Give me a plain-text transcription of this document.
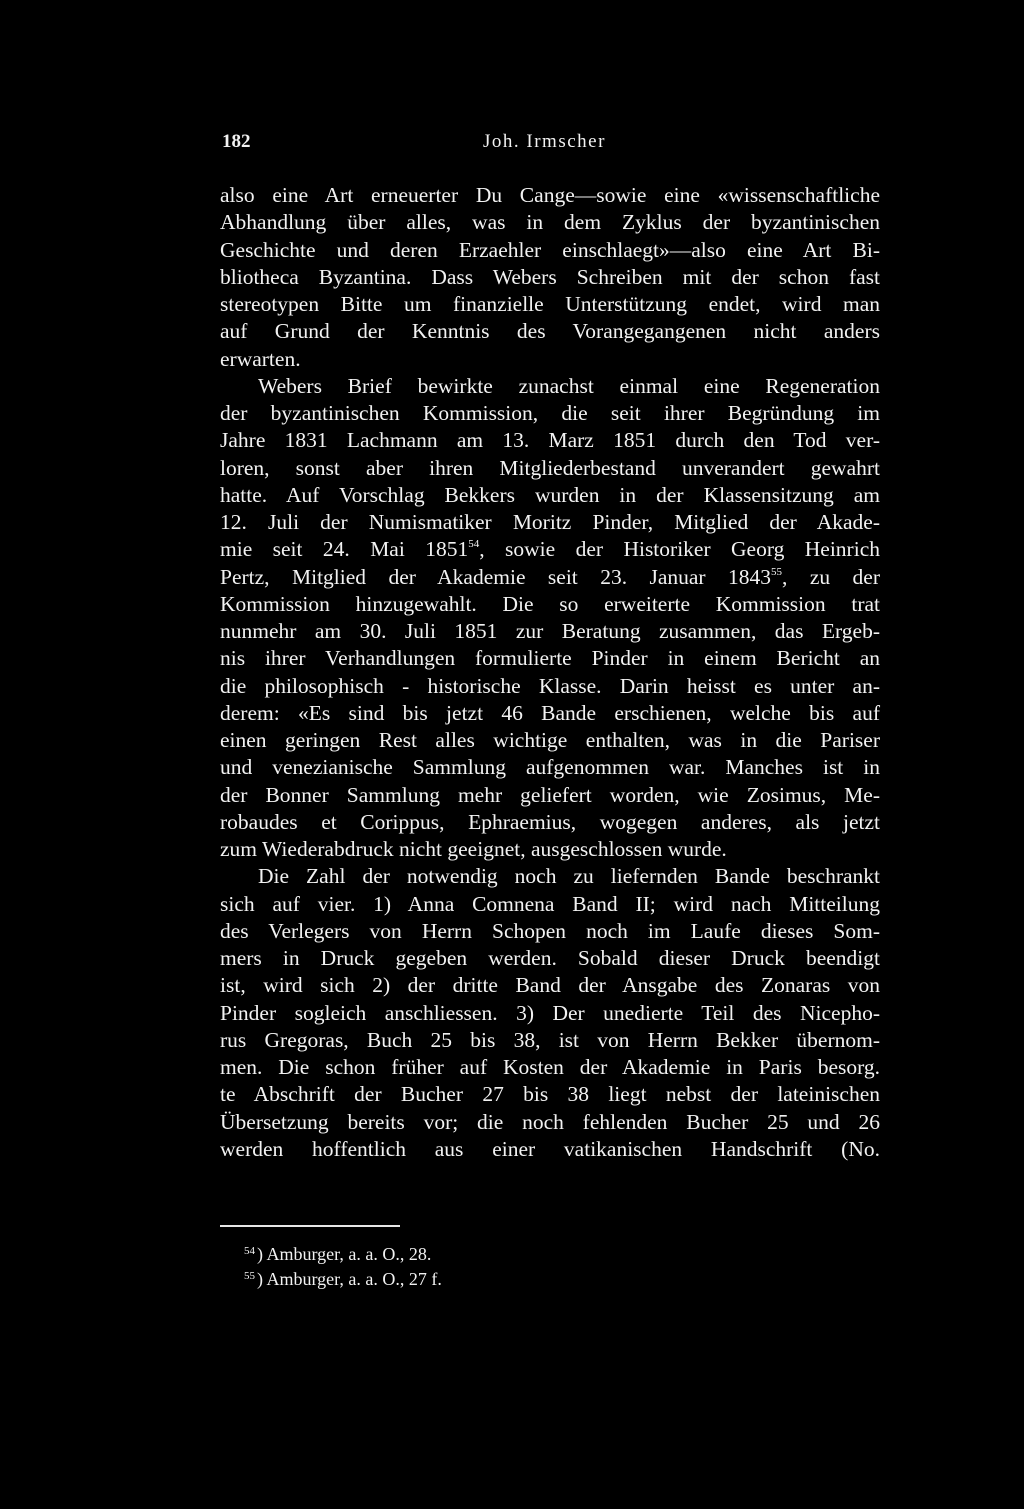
182	Joh. Irmscher
also eine Art erneuerter Du Cange—sowie eine «wissenschaftliche
Abhandlung über alles, was in dem Zyklus der byzantinischen
Geschichte und deren Erzaehler einschlaegt»—also eine Art Bi-
bliotheca Byzantina. Dass Webers Schreiben mit der schon fast
stereotypen Bitte um finanzielle Unterstützung endet, wird man
auf Grund der Kenntnis des Vorangegangenen nicht anders
erwarten.
Webers Brief bewirkte zunachst einmal eine Regeneration
der byzantinischen Kommission, die seit ihrer Begründung im
Jahre 1831 Lachmann am 13. Marz 1851 durch den Tod ver-
loren, sonst aber ihren Mitgliederbestand unverandert gewahrt
hatte. Auf Vorschlag Bekkers wurden in der Klassensitzung am
12. Juli der Numismatiker Moritz Pinder, Mitglied der Akade-
mie seit 24. Mai 1851$^{54}$, sowie der Historiker Georg Heinrich
Pertz, Mitglied der Akademie seit 23. Januar 1843$^{55}$, zu der
Kommission hinzugewahlt. Die so erweiterte Kommission trat
nunmehr am 30. Juli 1851 zur Beratung zusammen, das Ergeb-
nis ihrer Verhandlungen formulierte Pinder in einem Bericht an
die philosophisch - historische Klasse. Darin heisst es unter an-
derem: «Es sind bis jetzt 46 Bande erschienen, welche bis auf
einen geringen Rest alles wichtige enthalten, was in die Pariser
und venezianische Sammlung aufgenommen war. Manches ist in
der Bonner Sammlung mehr geliefert worden, wie Zosimus, Me-
robaudes et Corippus, Ephraemius, wogegen anderes, als jetzt
zum Wiederabdruck nicht geeignet, ausgeschlossen wurde.
Die Zahl der notwendig noch zu liefernden Bande beschrankt
sich auf vier. 1) Anna Comnena Band II; wird nach Mitteilung
des Verlegers von Herrn Schopen noch im Laufe dieses Som-
mers in Druck gegeben werden. Sobald dieser Druck beendigt
ist, wird sich 2) der dritte Band der Ansgabe des Zonaras von
Pinder sogleich anschliessen. 3) Der unedierte Teil des Nicepho-
rus Gregoras, Buch 25 bis 38, ist von Herrn Bekker übernom-
men. Die schon früher auf Kosten der Akademie in Paris besorg.
te Abschrift der Bucher 27 bis 38 liegt nebst der lateinischen
Übersetzung bereits vor; die noch fehlenden Bucher 25 und 26
werden hoffentlich aus einer vatikanischen Handschrift (No.
$^{54}$ ) Amburger, a. a. O., 28.
$^{55}$ ) Amburger, a. a. O., 27 f.
